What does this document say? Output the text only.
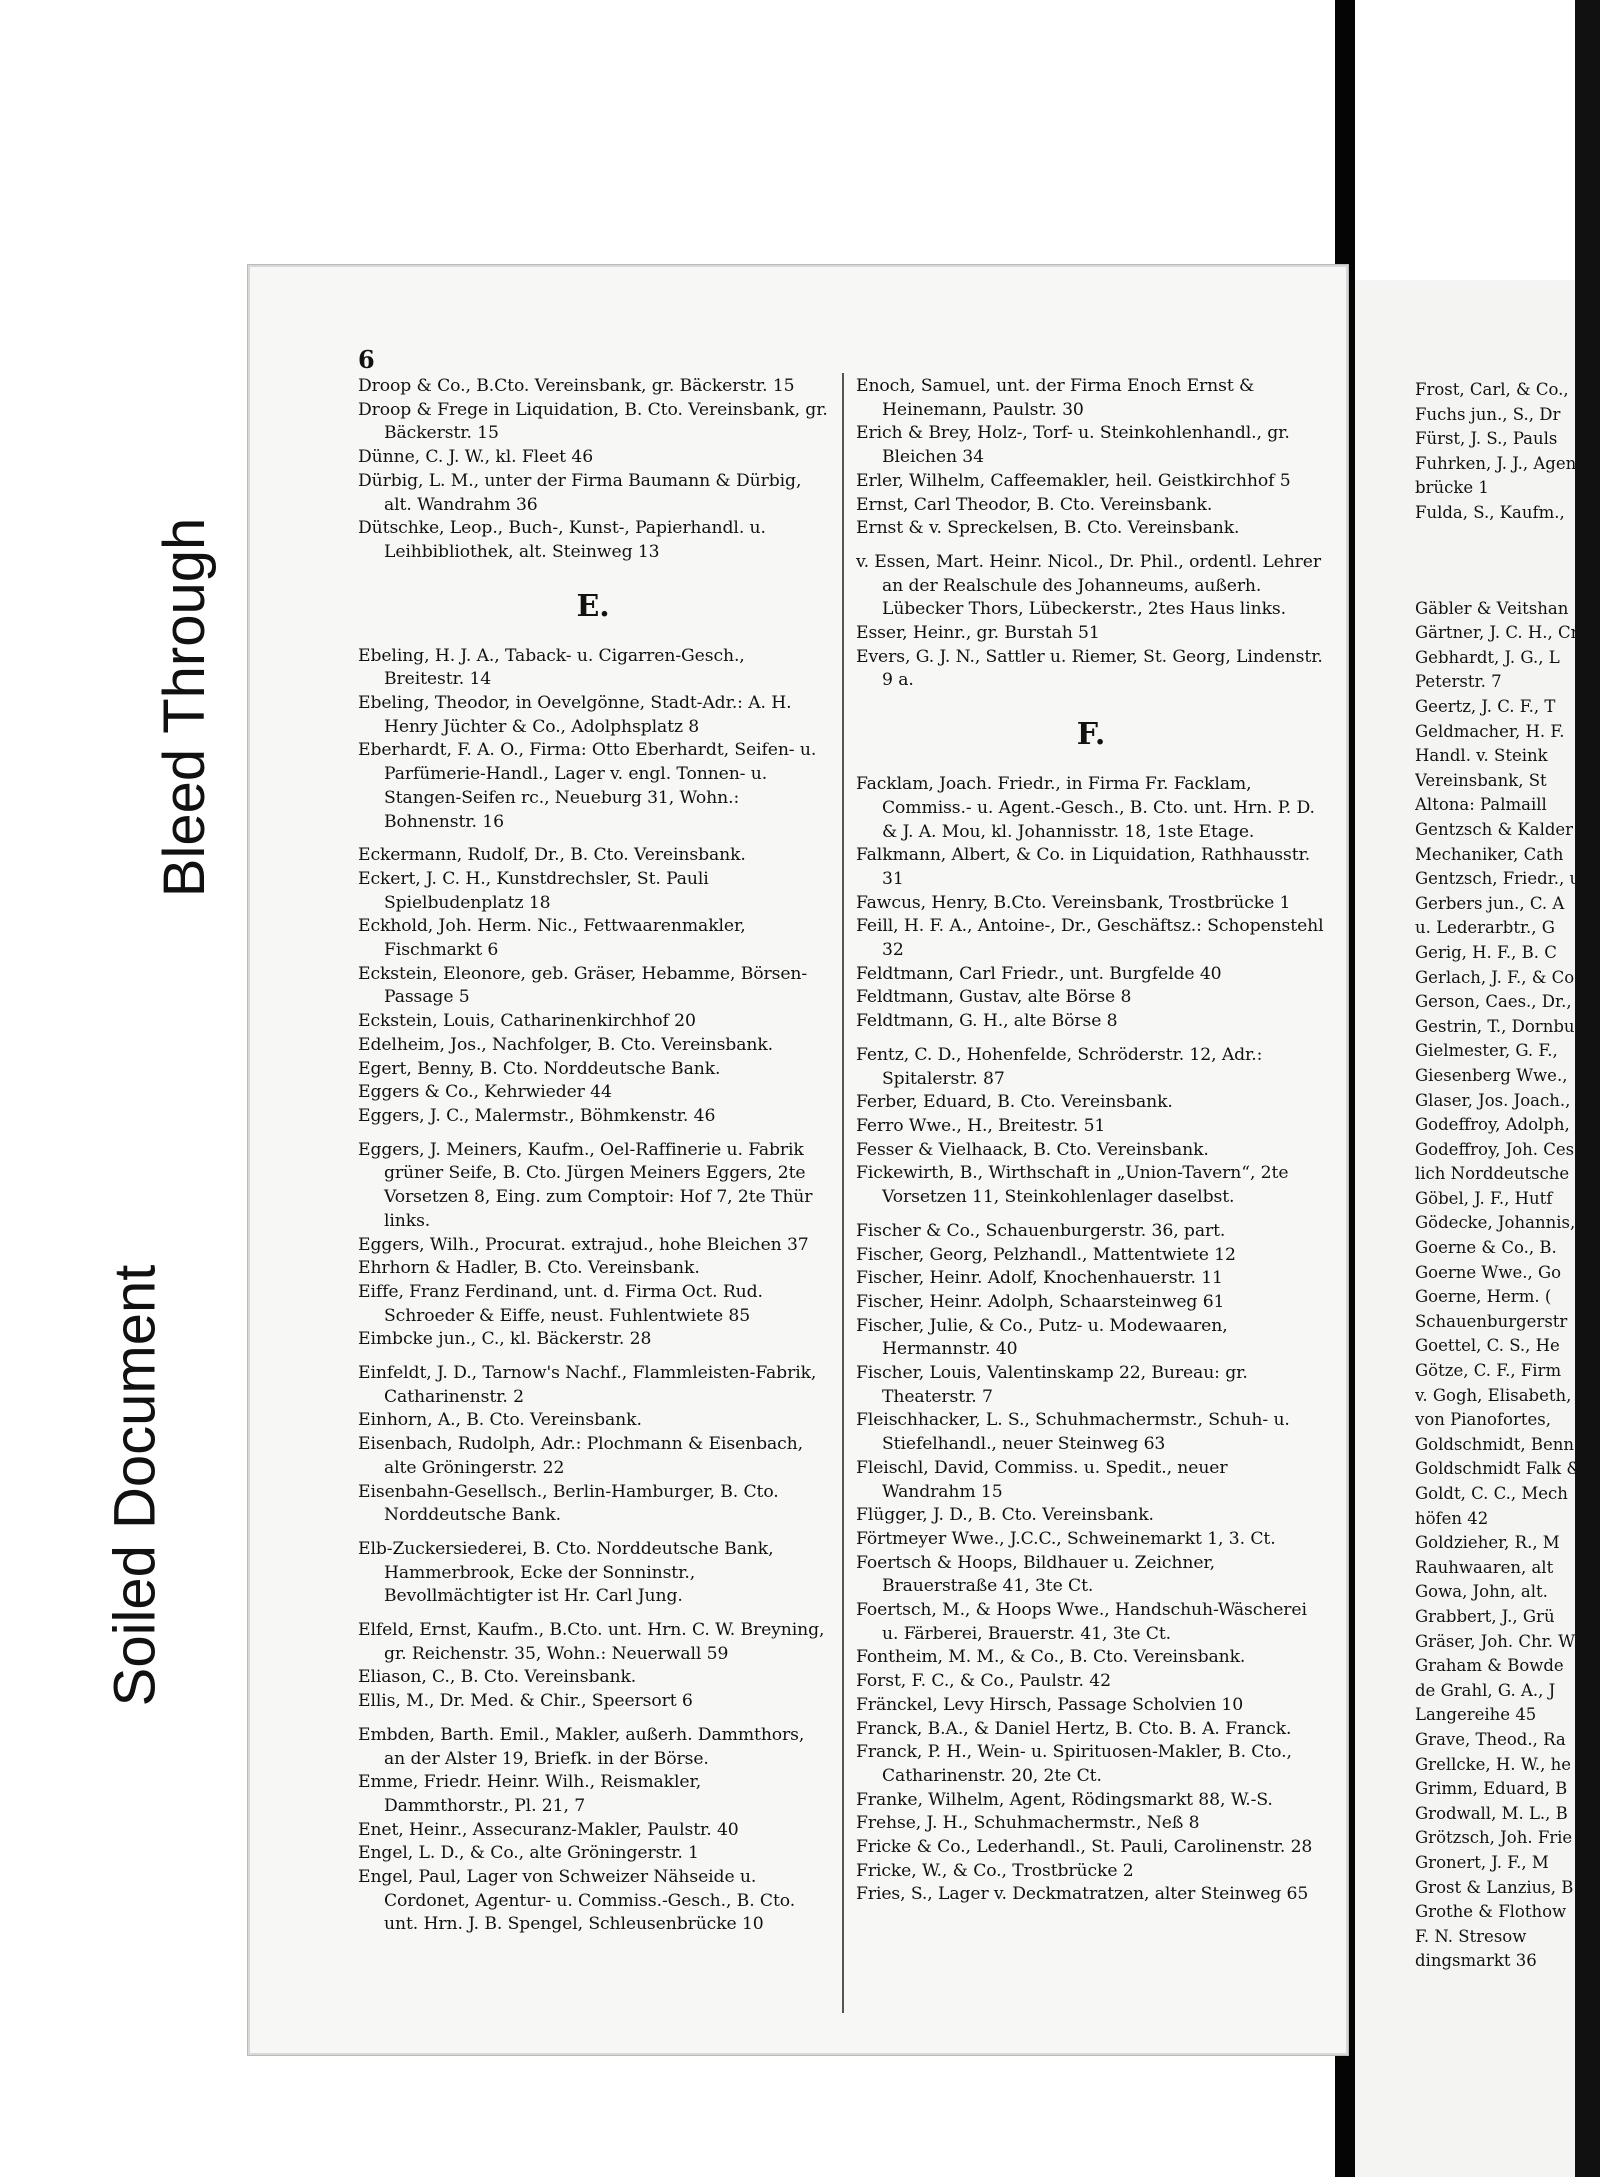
6

Droop & Co., B.Cto. Vereinsbank, gr. Bäckerstr. 15

Droop & Frege in Liquidation, B. Cto. Vereinsbank, gr. Bäckerstr. 15

Dünne, C. J. W., kl. Fleet 46

Dürbig, L. M., unter der Firma Baumann & Dürbig, alt. Wandrahm 36

Dütschke, Leop., Buch-, Kunst-, Papierhandl. u. Leihbibliothek, alt. Steinweg 13

E.

Ebeling, H. J. A., Taback- u. Cigarren-Gesch., Breitestr. 14

Ebeling, Theodor, in Oevelgönne, Stadt-Adr.: A. H. Henry Jüchter & Co., Adolphsplatz 8

Eberhardt, F. A. O., Firma: Otto Eberhardt, Seifen- u. Parfümerie-Handl., Lager v. engl. Tonnen- u. Stangen-Seifen rc., Neueburg 31, Wohn.: Bohnenstr. 16

Eckermann, Rudolf, Dr., B. Cto. Vereinsbank.

Eckert, J. C. H., Kunstdrechsler, St. Pauli Spielbudenplatz 18

Eckhold, Joh. Herm. Nic., Fettwaarenmakler, Fischmarkt 6

Eckstein, Eleonore, geb. Gräser, Hebamme, Börsen-Passage 5

Eckstein, Louis, Catharinenkirchhof 20

Edelheim, Jos., Nachfolger, B. Cto. Vereinsbank.

Egert, Benny, B. Cto. Norddeutsche Bank.

Eggers & Co., Kehrwieder 44

Eggers, J. C., Malermstr., Böhmkenstr. 46

Eggers, J. Meiners, Kaufm., Oel-Raffinerie u. Fabrik grüner Seife, B. Cto. Jürgen Meiners Eggers, 2te Vorsetzen 8, Eing. zum Comptoir: Hof 7, 2te Thür links.

Eggers, Wilh., Procurat. extrajud., hohe Bleichen 37

Ehrhorn & Hadler, B. Cto. Vereinsbank.

Eiffe, Franz Ferdinand, unt. d. Firma Oct. Rud. Schroeder & Eiffe, neust. Fuhlentwiete 85

Eimbcke jun., C., kl. Bäckerstr. 28

Einfeldt, J. D., Tarnow's Nachf., Flammleisten-Fabrik, Catharinenstr. 2

Einhorn, A., B. Cto. Vereinsbank.

Eisenbach, Rudolph, Adr.: Plochmann & Eisenbach, alte Gröningerstr. 22

Eisenbahn-Gesellsch., Berlin-Hamburger, B. Cto. Norddeutsche Bank.

Elb-Zuckersiederei, B. Cto. Norddeutsche Bank, Hammerbrook, Ecke der Sonninstr., Bevollmächtigter ist Hr. Carl Jung.

Elfeld, Ernst, Kaufm., B.Cto. unt. Hrn. C. W. Breyning, gr. Reichenstr. 35, Wohn.: Neuerwall 59

Eliason, C., B. Cto. Vereinsbank.

Ellis, M., Dr. Med. & Chir., Speersort 6

Embden, Barth. Emil., Makler, außerh. Dammthors, an der Alster 19, Briefk. in der Börse.

Emme, Friedr. Heinr. Wilh., Reismakler, Dammthorstr., Pl. 21, 7

Enet, Heinr., Assecuranz-Makler, Paulstr. 40

Engel, L. D., & Co., alte Gröningerstr. 1

Engel, Paul, Lager von Schweizer Nähseide u. Cordonet, Agentur- u. Commiss.-Gesch., B. Cto. unt. Hrn. J. B. Spengel, Schleusenbrücke 10

Enoch, Samuel, unt. der Firma Enoch Ernst & Heinemann, Paulstr. 30

Erich & Brey, Holz-, Torf- u. Steinkohlenhandl., gr. Bleichen 34

Erler, Wilhelm, Caffeemakler, heil. Geistkirchhof 5

Ernst, Carl Theodor, B. Cto. Vereinsbank.

Ernst & v. Spreckelsen, B. Cto. Vereinsbank.

v. Essen, Mart. Heinr. Nicol., Dr. Phil., ordentl. Lehrer an der Realschule des Johanneums, außerh. Lübecker Thors, Lübeckerstr., 2tes Haus links.

Esser, Heinr., gr. Burstah 51

Evers, G. J. N., Sattler u. Riemer, St. Georg, Lindenstr. 9 a.

F.

Facklam, Joach. Friedr., in Firma Fr. Facklam, Commiss.- u. Agent.-Gesch., B. Cto. unt. Hrn. P. D. & J. A. Mou, kl. Johannisstr. 18, 1ste Etage.

Falkmann, Albert, & Co. in Liquidation, Rathhausstr. 31

Fawcus, Henry, B.Cto. Vereinsbank, Trostbrücke 1

Feill, H. F. A., Antoine-, Dr., Geschäftsz.: Schopenstehl 32

Feldtmann, Carl Friedr., unt. Burgfelde 40

Feldtmann, Gustav, alte Börse 8

Feldtmann, G. H., alte Börse 8

Fentz, C. D., Hohenfelde, Schröderstr. 12, Adr.: Spitalerstr. 87

Ferber, Eduard, B. Cto. Vereinsbank.

Ferro Wwe., H., Breitestr. 51

Fesser & Vielhaack, B. Cto. Vereinsbank.

Fickewirth, B., Wirthschaft in „Union-Tavern“, 2te Vorsetzen 11, Steinkohlenlager daselbst.

Fischer & Co., Schauenburgerstr. 36, part.

Fischer, Georg, Pelzhandl., Mattentwiete 12

Fischer, Heinr. Adolf, Knochenhauerstr. 11

Fischer, Heinr. Adolph, Schaarsteinweg 61

Fischer, Julie, & Co., Putz- u. Modewaaren, Hermannstr. 40

Fischer, Louis, Valentinskamp 22, Bureau: gr. Theaterstr. 7

Fleischhacker, L. S., Schuhmachermstr., Schuh- u. Stiefelhandl., neuer Steinweg 63

Fleischl, David, Commiss. u. Spedit., neuer Wandrahm 15

Flügger, J. D., B. Cto. Vereinsbank.

Förtmeyer Wwe., J.C.C., Schweinemarkt 1, 3. Ct.

Foertsch & Hoops, Bildhauer u. Zeichner, Brauerstraße 41, 3te Ct.

Foertsch, M., & Hoops Wwe., Handschuh-Wäscherei u. Färberei, Brauerstr. 41, 3te Ct.

Fontheim, M. M., & Co., B. Cto. Vereinsbank.

Forst, F. C., & Co., Paulstr. 42

Fränckel, Levy Hirsch, Passage Scholvien 10

Franck, B.A., & Daniel Hertz, B. Cto. B. A. Franck.

Franck, P. H., Wein- u. Spirituosen-Makler, B. Cto., Catharinenstr. 20, 2te Ct.

Franke, Wilhelm, Agent, Rödingsmarkt 88, W.-S.

Frehse, J. H., Schuhmachermstr., Neß 8

Fricke & Co., Lederhandl., St. Pauli, Carolinenstr. 28

Fricke, W., & Co., Trostbrücke 2

Fries, S., Lager v. Deckmatratzen, alter Steinweg 65

Frost, Carl, & Co.,
Fuchs jun., S., Dr
Fürst, J. S., Pauls
Fuhrken, J. J., Agen
brücke 1
Fulda, S., Kaufm.,
Gäbler & Veitshan
Gärtner, J. C. H., Cr
Gebhardt, J. G., L
Peterstr. 7
Geertz, J. C. F., T
Geldmacher, H. F.
Handl. v. Steink
Vereinsbank, St
Altona: Palmaill
Gentzsch & Kalder
Mechaniker, Cath
Gentzsch, Friedr., un
Gerbers jun., C. A
u. Lederarbtr., G
Gerig, H. F., B. C
Gerlach, J. F., & Co
Gerson, Caes., Dr.,
Gestrin, T., Dornbu
Gielmester, G. F.,
Giesenberg Wwe.,
Glaser, Jos. Joach.,
Godeffroy, Adolph,
Godeffroy, Joh. Ces
lich Norddeutsche
Göbel, J. F., Hutf
Gödecke, Johannis,
Goerne & Co., B.
Goerne Wwe., Go
Goerne, Herm. (
Schauenburgerstr
Goettel, C. S., He
Götze, C. F., Firm
v. Gogh, Elisabeth,
von Pianofortes,
Goldschmidt, Benn
Goldschmidt Falk &
Goldt, C. C., Mech
höfen 42
Goldzieher, R., M
Rauhwaaren, alt
Gowa, John, alt.
Grabbert, J., Grü
Gräser, Joh. Chr. Wil
Graham & Bowde
de Grahl, G. A., J
Langereihe 45
Grave, Theod., Ra
Grellcke, H. W., he
Grimm, Eduard, B
Grodwall, M. L., B
Grötzsch, Joh. Frie
Gronert, J. F., M
Grost & Lanzius, B
Grothe & Flothow
F. N. Stresow
dingsmarkt 36
Bleed Through
Soiled Document
